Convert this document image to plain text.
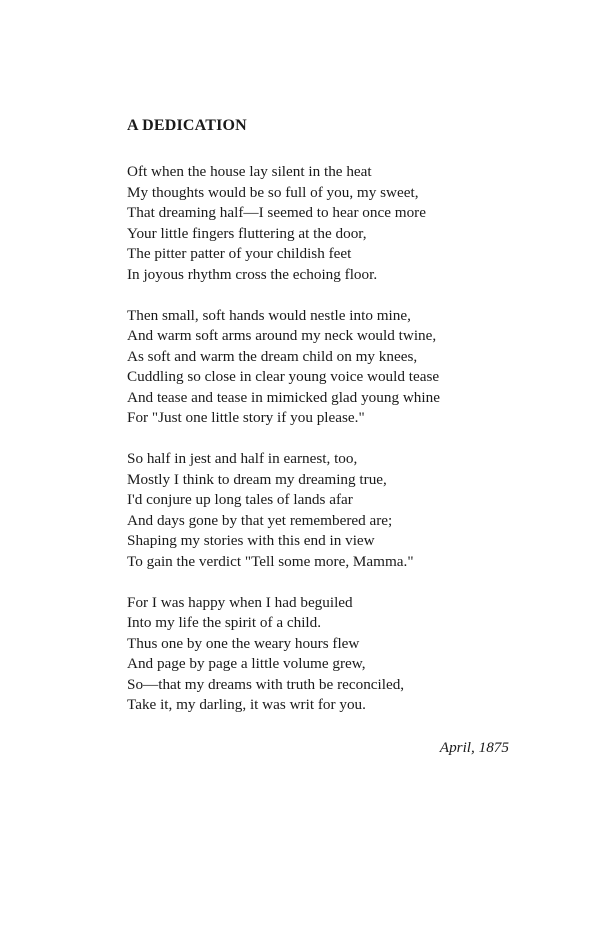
A DEDICATION
Oft when the house lay silent in the heat
My thoughts would be so full of you, my sweet,
That dreaming half—I seemed to hear once more
Your little fingers fluttering at the door,
The pitter patter of your childish feet
In joyous rhythm cross the echoing floor.
Then small, soft hands would nestle into mine,
And warm soft arms around my neck would twine,
As soft and warm the dream child on my knees,
Cuddling so close in clear young voice would tease
And tease and tease in mimicked glad young whine
For "Just one little story if you please."
So half in jest and half in earnest, too,
Mostly I think to dream my dreaming true,
I'd conjure up long tales of lands afar
And days gone by that yet remembered are;
Shaping my stories with this end in view
To gain the verdict "Tell some more, Mamma."
For I was happy when I had beguiled
Into my life the spirit of a child.
Thus one by one the weary hours flew
And page by page a little volume grew,
So—that my dreams with truth be reconciled,
Take it, my darling, it was writ for you.
April, 1875
